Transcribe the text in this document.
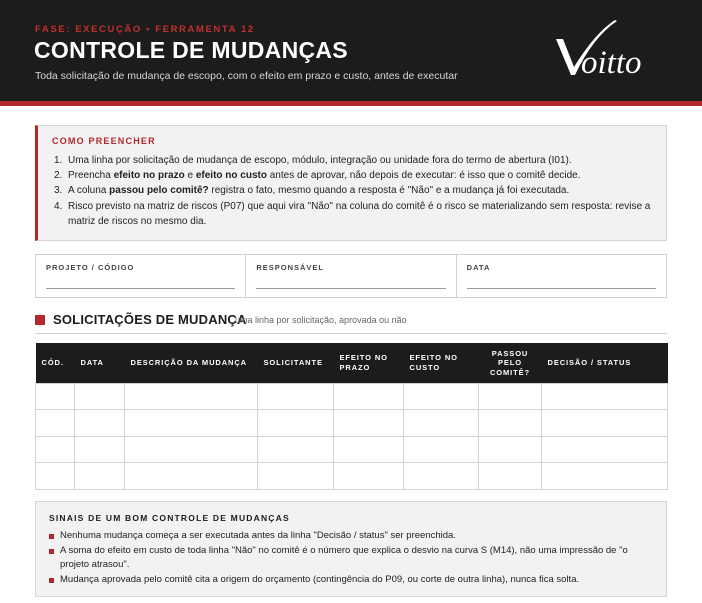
FASE: EXECUÇÃO • FERRAMENTA 12
CONTROLE DE MUDANÇAS
Toda solicitação de mudança de escopo, com o efeito em prazo e custo, antes de executar	oitto
COMO PREENCHER
1. Uma linha por solicitação de mudança de escopo, módulo, integração ou unidade fora do termo de abertura (I01).
2. Preencha efeito no prazo e efeito no custo antes de aprovar, não depois de executar: é isso que o comitê decide.
3. A coluna passou pelo comitê? registra o fato, mesmo quando a resposta é "Não" e a mudança já foi executada.
4. Risco previsto na matriz de riscos (P07) que aqui vira "Não" na coluna do comitê é o risco se materializando sem resposta: revise a matriz de riscos no mesmo dia.
PROJETO / CÓDIGO	RESPONSÁVEL	DATA
SOLICITAÇÕES DE MUDANÇA
uma linha por solicitação, aprovada ou não
CÓD.	DATA	DESCRIÇÃO DA MUDANÇA	SOLICITANTE	EFEITO NO PRAZO	EFEITO NO CUSTO	PASSOU PELO COMITÊ?	DECISÃO / STATUS

SINAIS DE UM BOM CONTROLE DE MUDANÇAS
Nenhuma mudança começa a ser executada antes da linha "Decisão / status" ser preenchida.
A soma do efeito em custo de toda linha "Não" no comitê é o número que explica o desvio na curva S (M14), não uma impressão de "o projeto atrasou".
Mudança aprovada pelo comitê cita a origem do orçamento (contingência do P09, ou corte de outra linha), nunca fica solta.
